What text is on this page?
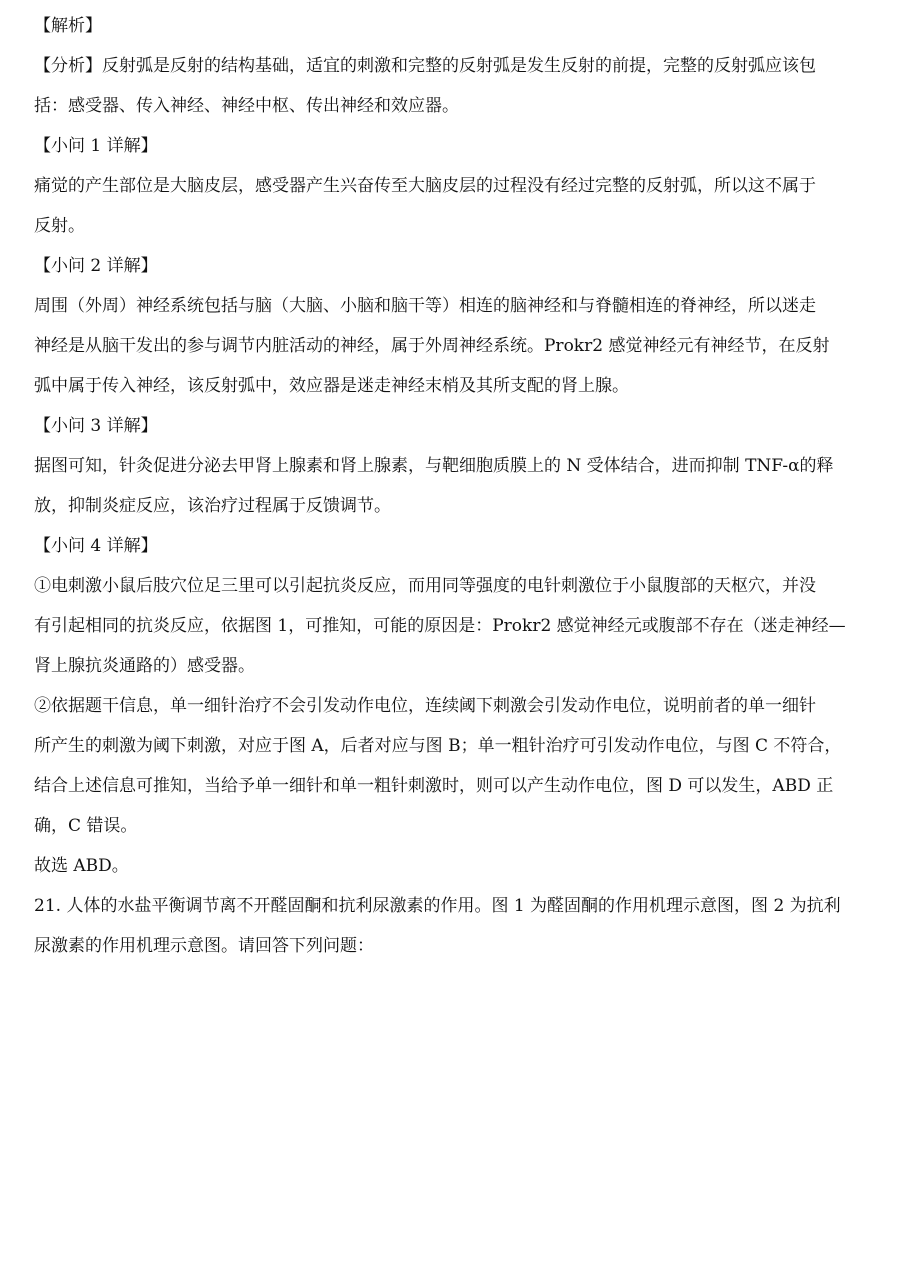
【解析】

【分析】反射弧是反射的结构基础，适宜的刺激和完整的反射弧是发生反射的前提，完整的反射弧应该包

括：感受器、传入神经、神经中枢、传出神经和效应器。

【小问 1 详解】

痛觉的产生部位是大脑皮层，感受器产生兴奋传至大脑皮层的过程没有经过完整的反射弧，所以这不属于

反射。

【小问 2 详解】

周围（外周）神经系统包括与脑（大脑、小脑和脑干等）相连的脑神经和与脊髓相连的脊神经，所以迷走

神经是从脑干发出的参与调节内脏活动的神经，属于外周神经系统。Prokr2 感觉神经元有神经节，在反射

弧中属于传入神经，该反射弧中，效应器是迷走神经末梢及其所支配的肾上腺。

【小问 3 详解】

据图可知，针灸促进分泌去甲肾上腺素和肾上腺素，与靶细胞质膜上的 N 受体结合，进而抑制 TNF-α的释

放，抑制炎症反应，该治疗过程属于反馈调节。

【小问 4 详解】

①电刺激小鼠后肢穴位足三里可以引起抗炎反应，而用同等强度的电针刺激位于小鼠腹部的天枢穴，并没

有引起相同的抗炎反应，依据图 1，可推知，可能的原因是：Prokr2 感觉神经元或腹部不存在（迷走神经—

肾上腺抗炎通路的）感受器。

②依据题干信息，单一细针治疗不会引发动作电位，连续阈下刺激会引发动作电位，说明前者的单一细针

所产生的刺激为阈下刺激，对应于图 A，后者对应与图 B；单一粗针治疗可引发动作电位，与图 C 不符合，

结合上述信息可推知，当给予单一细针和单一粗针刺激时，则可以产生动作电位，图 D 可以发生，ABD 正

确，C 错误。

故选 ABD。

21. 人体的水盐平衡调节离不开醛固酮和抗利尿激素的作用。图 1 为醛固酮的作用机理示意图，图 2 为抗利

尿激素的作用机理示意图。请回答下列问题：
